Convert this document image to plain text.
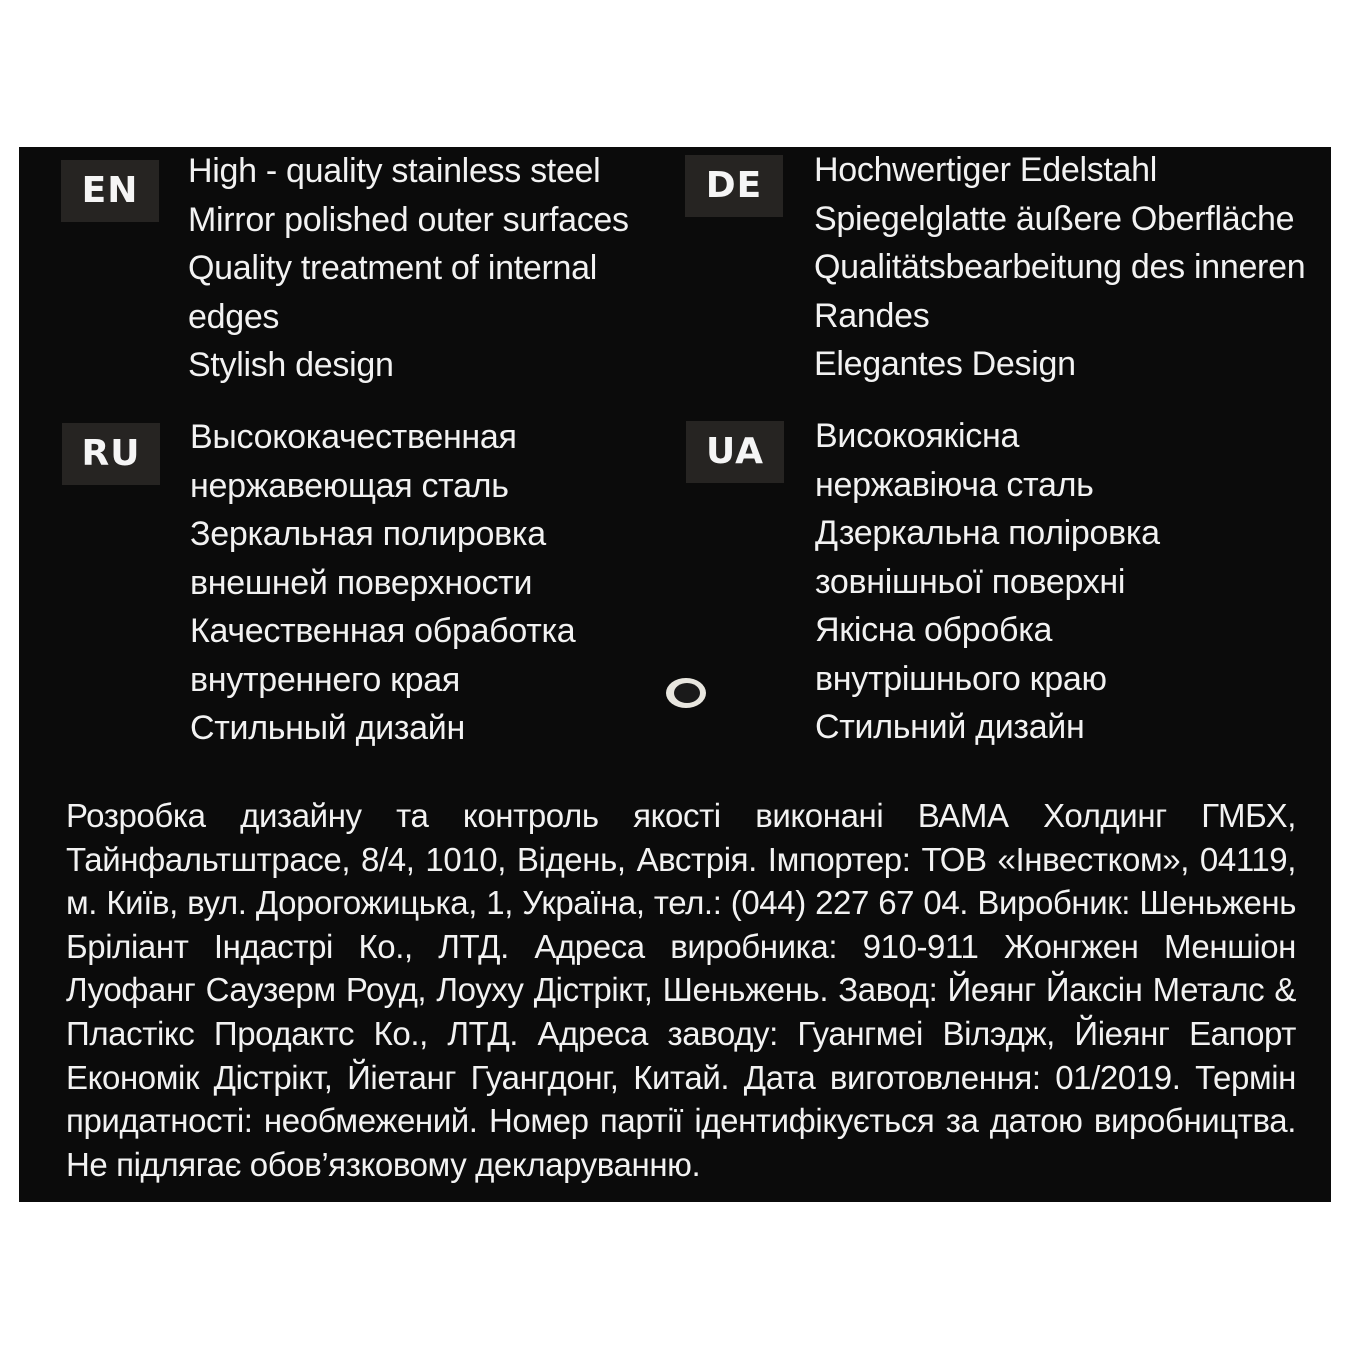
EN	High - quality stainless steel
Mirror polished outer surfaces
Quality treatment of internal
edges
Stylish design
DE	Hochwertiger Edelstahl
Spiegelglatte äußere Oberfläche
Qualitätsbearbeitung des inneren
Randes
Elegantes Design
RU	Высококачественная
нержавеющая сталь
Зеркальная полировка
внешней поверхности
Качественная обработка
внутреннего края
Стильный дизайн
UA	Високоякісна
нержавіюча сталь
Дзеркальна полірoвка
зовнішньої поверхні
Якісна обробка
внутрішнього краю
Стильний дизайн
Розробка дизайну та контроль якості виконані ВАМА Холдинг ГМБХ, Тайнфальтштрасе, 8/4, 1010, Відень, Австрія. Імпортер: ТОВ «Інвестком», 04119, м. Київ, вул. Дорогожицька, 1, Україна, тел.: (044) 227 67 04. Виробник: Шеньжень Бріліант Індастрі Ко., ЛТД. Адреса виробника: 910-911 Жонгжен Меншіон Луофанг Саузерм Роуд, Лоуху Дістрікт, Шеньжень. Завод: Йеянг Йаксін Металс & Пластікс Продактс Ко., ЛТД. Адреса заводу: Гуангмеі Вілэдж, Йіеянг Еапорт Економік Дістрікт, Йіетанг Гуангдонг, Китай. Дата виготовлення: 01/2019. Термін придатності: необмежений. Номер партії ідентифікується за датою виробництва. Не підлягає обов’язковому декларуванню.
